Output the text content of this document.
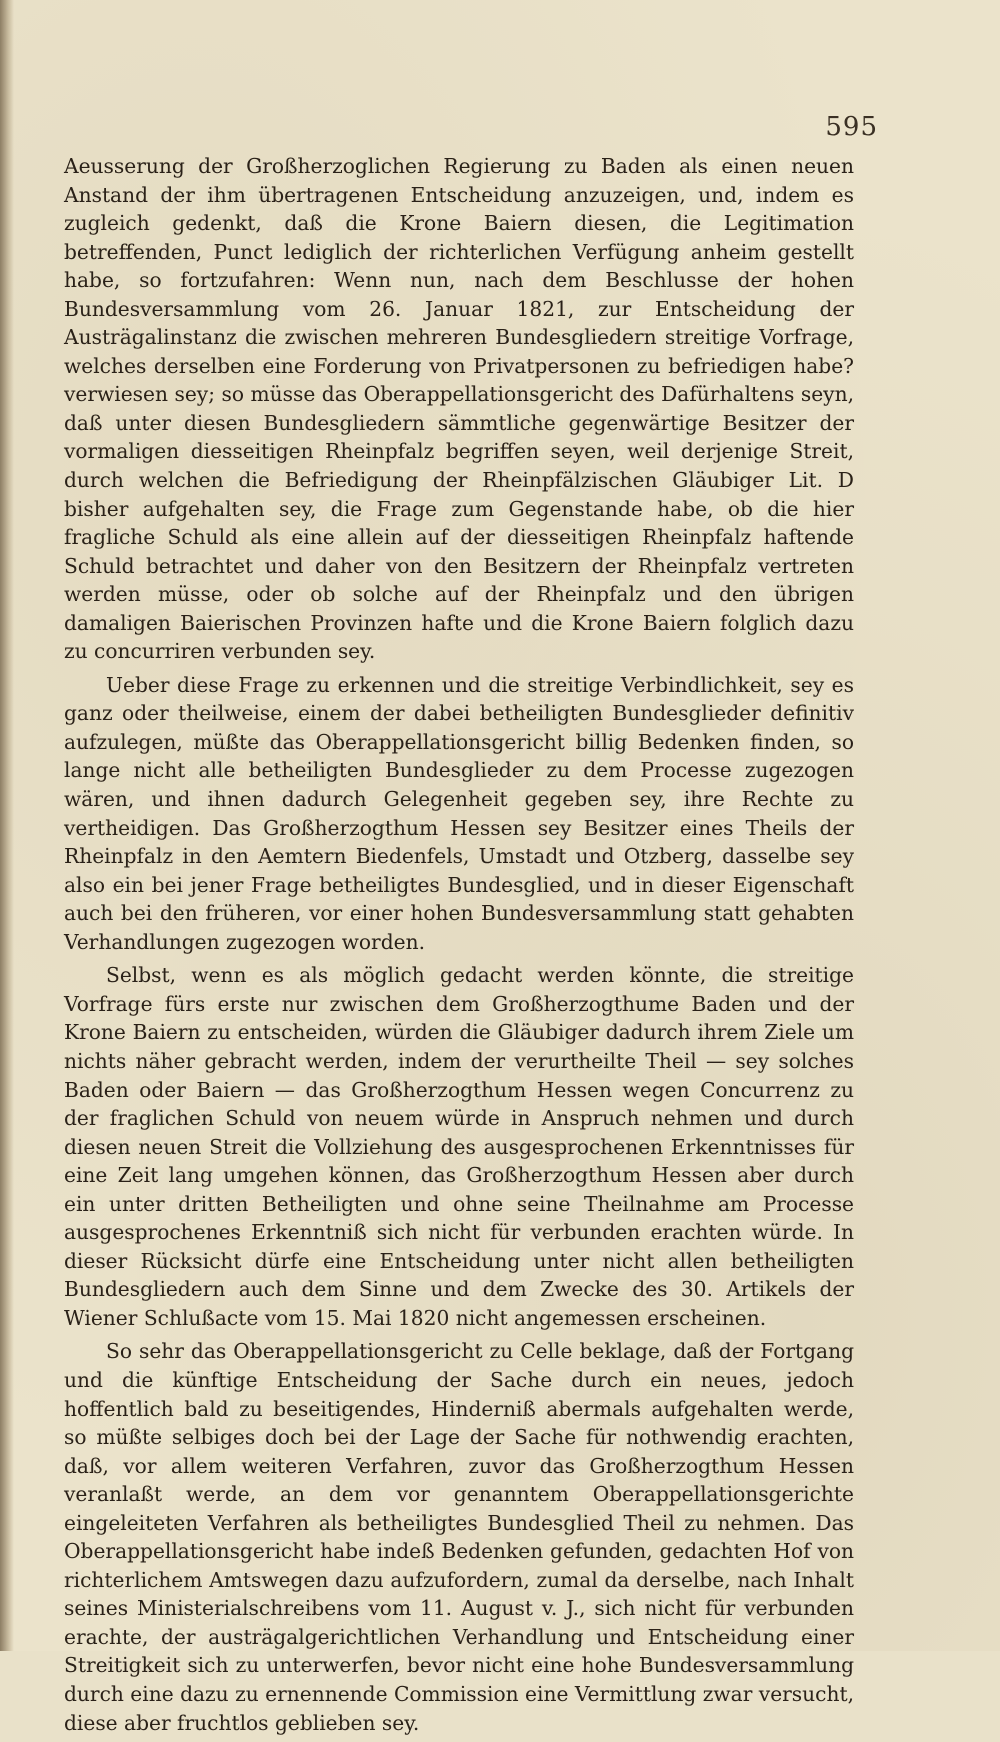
595

Aeusserung der Großherzoglichen Regierung zu Baden als einen neuen Anstand der ihm übertragenen Entscheidung anzuzeigen, und, indem es zugleich gedenkt, daß die Krone Baiern diesen, die Legitimation betreffenden, Punct lediglich der richterlichen Verfügung anheim gestellt habe, so fortzufahren: Wenn nun, nach dem Beschlusse der hohen Bundesversammlung vom 26. Januar 1821, zur Entscheidung der Austrägalinstanz die zwischen mehreren Bundesgliedern streitige Vorfrage, welches derselben eine Forderung von Privatpersonen zu befriedigen habe? verwiesen sey; so müsse das Oberappellationsgericht des Dafürhaltens seyn, daß unter diesen Bundesgliedern sämmtliche gegenwärtige Besitzer der vormaligen diesseitigen Rheinpfalz begriffen seyen, weil derjenige Streit, durch welchen die Befriedigung der Rheinpfälzischen Gläubiger Lit. D bisher aufgehalten sey, die Frage zum Gegenstande habe, ob die hier fragliche Schuld als eine allein auf der diesseitigen Rheinpfalz haftende Schuld betrachtet und daher von den Besitzern der Rheinpfalz vertreten werden müsse, oder ob solche auf der Rheinpfalz und den übrigen damaligen Baierischen Provinzen hafte und die Krone Baiern folglich dazu zu concurriren verbunden sey.

Ueber diese Frage zu erkennen und die streitige Verbindlichkeit, sey es ganz oder theilweise, einem der dabei betheiligten Bundesglieder definitiv aufzulegen, müßte das Oberappellationsgericht billig Bedenken finden, so lange nicht alle betheiligten Bundesglieder zu dem Processe zugezogen wären, und ihnen dadurch Gelegenheit gegeben sey, ihre Rechte zu vertheidigen. Das Großherzogthum Hessen sey Besitzer eines Theils der Rheinpfalz in den Aemtern Biedenfels, Umstadt und Otzberg, dasselbe sey also ein bei jener Frage betheiligtes Bundesglied, und in dieser Eigenschaft auch bei den früheren, vor einer hohen Bundesversammlung statt gehabten Verhandlungen zugezogen worden.

Selbst, wenn es als möglich gedacht werden könnte, die streitige Vorfrage fürs erste nur zwischen dem Großherzogthume Baden und der Krone Baiern zu entscheiden, würden die Gläubiger dadurch ihrem Ziele um nichts näher gebracht werden, indem der verurtheilte Theil — sey solches Baden oder Baiern — das Großherzogthum Hessen wegen Concurrenz zu der fraglichen Schuld von neuem würde in Anspruch nehmen und durch diesen neuen Streit die Vollziehung des ausgesprochenen Erkenntnisses für eine Zeit lang umgehen können, das Großherzogthum Hessen aber durch ein unter dritten Betheiligten und ohne seine Theilnahme am Processe ausgesprochenes Erkenntniß sich nicht für verbunden erachten würde. In dieser Rücksicht dürfe eine Entscheidung unter nicht allen betheiligten Bundesgliedern auch dem Sinne und dem Zwecke des 30. Artikels der Wiener Schlußacte vom 15. Mai 1820 nicht angemessen erscheinen.

So sehr das Oberappellationsgericht zu Celle beklage, daß der Fortgang und die künftige Entscheidung der Sache durch ein neues, jedoch hoffentlich bald zu beseitigendes, Hinderniß abermals aufgehalten werde, so müßte selbiges doch bei der Lage der Sache für nothwendig erachten, daß, vor allem weiteren Verfahren, zuvor das Großherzogthum Hessen veranlaßt werde, an dem vor genanntem Oberappellationsgerichte eingeleiteten Verfahren als betheiligtes Bundesglied Theil zu nehmen. Das Oberappellationsgericht habe indeß Bedenken gefunden, gedachten Hof von richterlichem Amtswegen dazu aufzufordern, zumal da derselbe, nach Inhalt seines Ministerialschreibens vom 11. August v. J., sich nicht für verbunden erachte, der austrägalgerichtlichen Verhandlung und Entscheidung einer Streitigkeit sich zu unterwerfen, bevor nicht eine hohe Bundesversammlung durch eine dazu zu ernennende Commission eine Vermittlung zwar versucht, diese aber fruchtlos geblieben sey.
